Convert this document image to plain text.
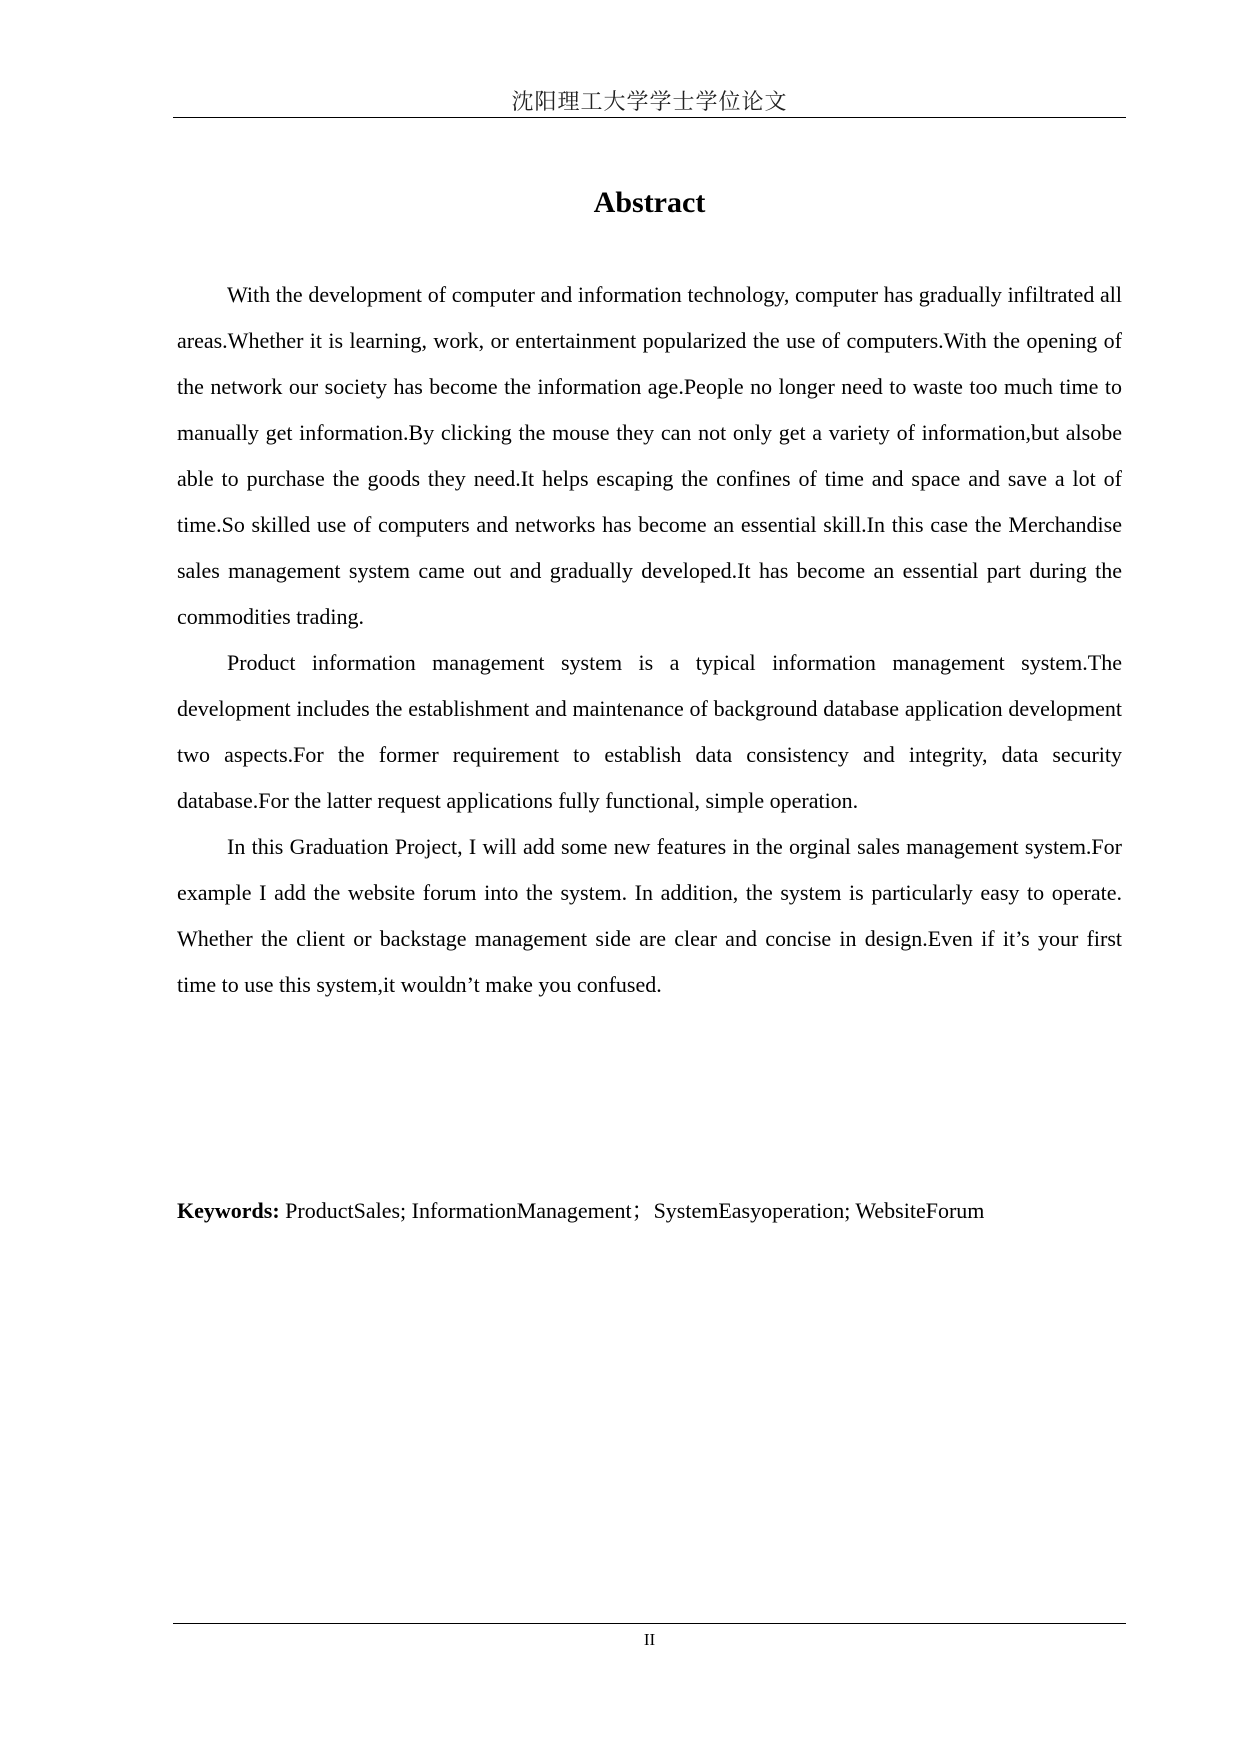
沈阳理工大学学士学位论文
Abstract

With the development of computer and information technology, computer has gradually infiltrated all areas.Whether it is learning, work, or entertainment popularized the use of computers.With the opening of the network our society has become the information age.People no longer need to waste too much time to manually get information.By clicking the mouse they can not only get a variety of information,but alsobe able to purchase the goods they need.It helps escaping the confines of time and space and save a lot of time.So skilled use of computers and networks has become an essential skill.In this case the Merchandise sales management system came out and gradually developed.It has become an essential part during the commodities trading.

Product information management system is a typical information management system.The development includes the establishment and maintenance of background database application development two aspects.For the former requirement to establish data consistency and integrity, data security database.For the latter request applications fully functional, simple operation.

In this Graduation Project, I will add some new features in the orginal sales management system.For example I add the website forum into the system. In addition, the system is particularly easy to operate. Whether the client or backstage management side are clear and concise in design.Even if it’s your first time to use this system,it wouldn’t make you confused.

Keywords: ProductSales; InformationManagement；SystemEasyoperation; WebsiteForum
II
